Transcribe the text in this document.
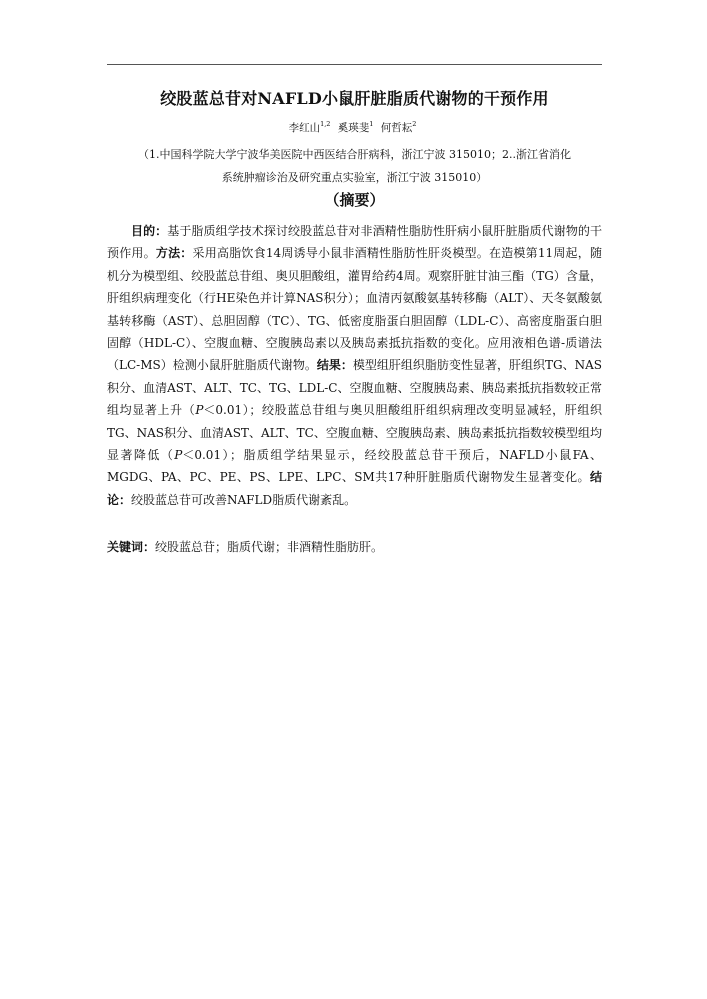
绞股蓝总苷对NAFLD小鼠肝脏脂质代谢物的干预作用
李红山$^{1,2}$ 奚瑛斐$^1$ 何哲耘$^2$
（1.中国科学院大学宁波华美医院中西医结合肝病科，浙江宁波 315010；2..浙江省消化
系统肿瘤诊治及研究重点实验室，浙江宁波 315010）
（摘要）

目的：基于脂质组学技术探讨绞股蓝总苷对非酒精性脂肪性肝病小鼠肝脏脂质代谢物的干预作用。方法：采用高脂饮食14周诱导小鼠非酒精性脂肪性肝炎模型。在造模第11周起，随机分为模型组、绞股蓝总苷组、奥贝胆酸组，灌胃给药4周。观察肝脏甘油三酯（TG）含量，肝组织病理变化（行HE染色并计算NAS积分）；血清丙氨酸氨基转移酶（ALT）、天冬氨酸氨基转移酶（AST）、总胆固醇（TC）、TG、低密度脂蛋白胆固醇（LDL-C）、高密度脂蛋白胆固醇（HDL-C）、空腹血糖、空腹胰岛素以及胰岛素抵抗指数的变化。应用液相色谱-质谱法（LC-MS）检测小鼠肝脏脂质代谢物。结果：模型组肝组织脂肪变性显著，肝组织TG、NAS积分、血清AST、ALT、TC、TG、LDL-C、空腹血糖、空腹胰岛素、胰岛素抵抗指数较正常组均显著上升（P＜0.01）；绞股蓝总苷组与奥贝胆酸组肝组织病理改变明显减轻，肝组织TG、NAS积分、血清AST、ALT、TC、空腹血糖、空腹胰岛素、胰岛素抵抗指数较模型组均显著降低（P＜0.01）；脂质组学结果显示，经绞股蓝总苷干预后，NAFLD小鼠FA、MGDG、PA、PC、PE、PS、LPE、LPC、SM共17种肝脏脂质代谢物发生显著变化。结论：绞股蓝总苷可改善NAFLD脂质代谢紊乱。

关键词：绞股蓝总苷；脂质代谢；非酒精性脂肪肝。
